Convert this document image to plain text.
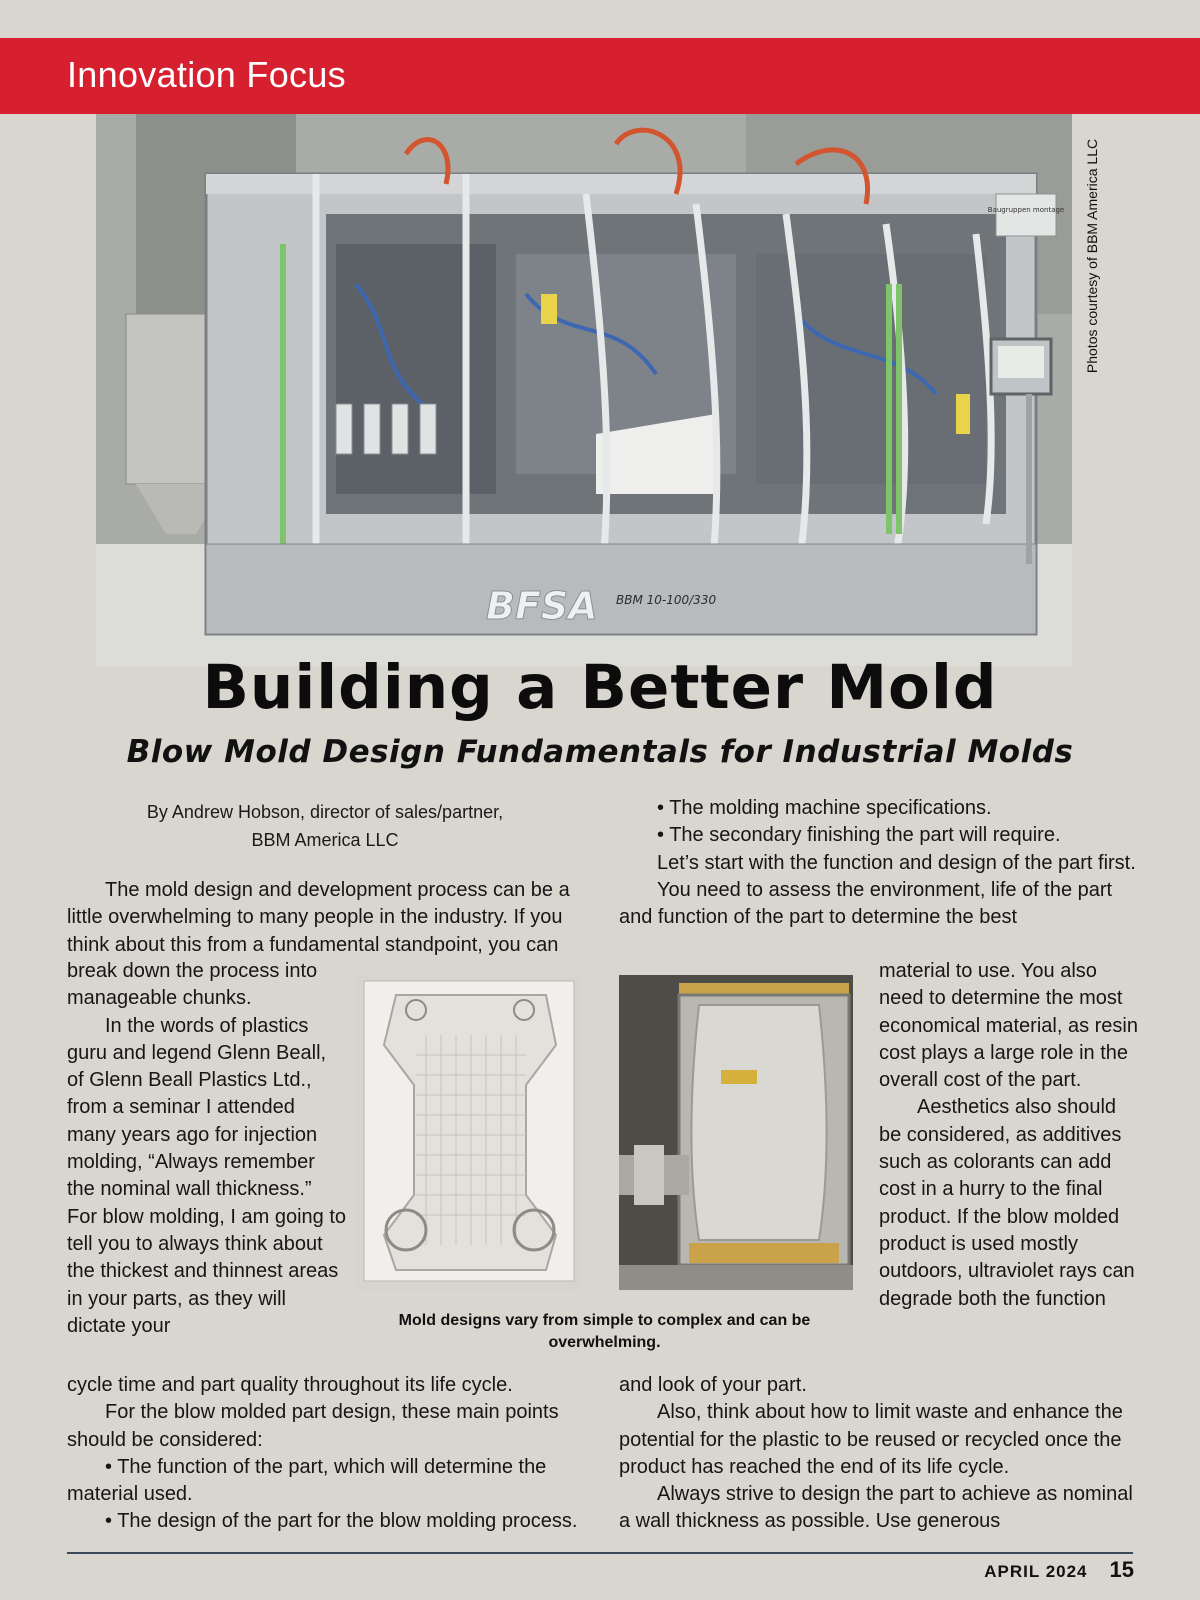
Innovation Focus
BFSA BBM 10-100/330
Baugruppen montage Photos courtesy of BBM America LLC
Building a Better Mold
Blow Mold Design Fundamentals for Industrial Molds
By Andrew Hobson, director of sales/partner,
BBM America LLC

The mold design and development process can be a little overwhelming to many people in the industry. If you think about this from a fundamental standpoint, you can

break down the process into manageable chunks.

In the words of plastics guru and legend Glenn Beall, of Glenn Beall Plastics Ltd., from a seminar I attended many years ago for injection molding, “Always remember the nominal wall thickness.” For blow molding, I am going to tell you to always think about the thickest and thinnest areas in your parts, as they will dictate your

cycle time and part quality throughout its life cycle.

For the blow molded part design, these main points should be considered:

• The function of the part, which will determine the material used.

• The design of the part for the blow molding process.

Mold designs vary from simple to complex and can be overwhelming.

• The molding machine specifications.

• The secondary finishing the part will require.

Let’s start with the function and design of the part first.

You need to assess the environment, life of the part and function of the part to determine the best

material to use. You also need to determine the most economical material, as resin cost plays a large role in the overall cost of the part.

Aesthetics also should be considered, as additives such as colorants can add cost in a hurry to the final product. If the blow molded product is used mostly outdoors, ultraviolet rays can degrade both the function

and look of your part.

Also, think about how to limit waste and enhance the potential for the plastic to be reused or recycled once the product has reached the end of its life cycle.

Always strive to design the part to achieve as nominal a wall thickness as possible. Use generous

APRIL 2024 15
